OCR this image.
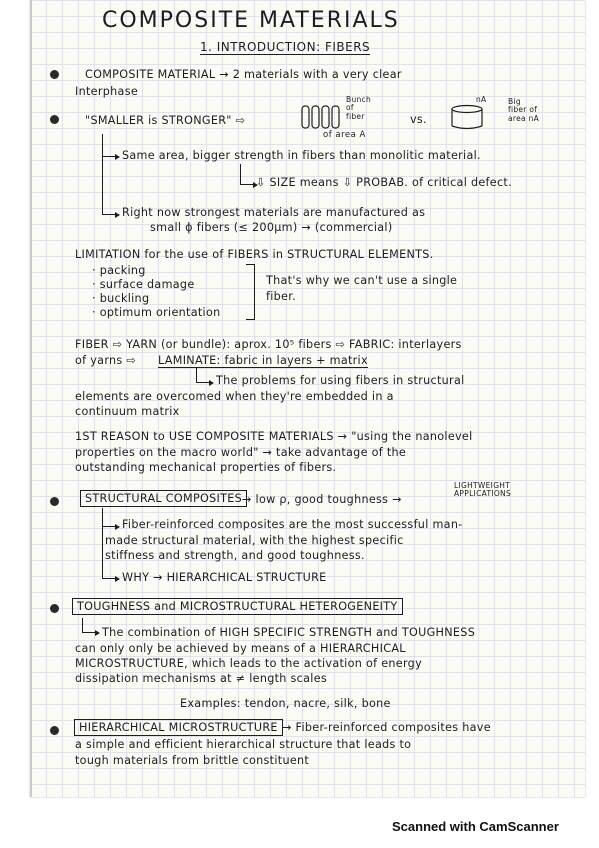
COMPOSITE MATERIALS
1. INTRODUCTION: FIBERS
COMPOSITE MATERIAL → 2 materials with a very clear
Interphase
"SMALLER is STRONGER" ⇨
Bunch
of
fiber
of area A
vs.
nA	Big
fiber of
area nA
Same area, bigger strength in fibers than monolitic material.
⇩ SIZE means ⇩ PROBAB. of critical defect.
Right now strongest materials are manufactured as
small ϕ fibers (≤ 200μm) → (commercial)
LIMITATION for the use of FIBERS in STRUCTURAL ELEMENTS.
· packing
· surface damage
· buckling
· optimum orientation
That's why we can't use a single
fiber.
FIBER ⇨ YARN (or bundle): aprox. 10⁵ fibers ⇨ FABRIC: interlayers
of yarns ⇨ LAMINATE: fabric in layers + matrix
The problems for using fibers in structural
elements are overcomed when they're embedded in a
continuum matrix
1ST REASON to USE COMPOSITE MATERIALS → "using the nanolevel
properties on the macro world" → take advantage of the
outstanding mechanical properties of fibers.
STRUCTURAL COMPOSITES → low ρ, good toughness →
LIGHTWEIGHT
APPLICATIONS
Fiber-reinforced composites are the most successful man-
made structural material, with the highest specific
stiffness and strength, and good toughness.
WHY → HIERARCHICAL STRUCTURE
TOUGHNESS and MICROSTRUCTURAL HETEROGENEITY
The combination of HIGH SPECIFIC STRENGTH and TOUGHNESS
can only only be achieved by means of a HIERARCHICAL
MICROSTRUCTURE, which leads to the activation of energy
dissipation mechanisms at ≠ length scales
Examples: tendon, nacre, silk, bone
HIERARCHICAL MICROSTRUCTURE → Fiber-reinforced composites have
a simple and efficient hierarchical structure that leads to
tough materials from brittle constituent
Scanned with CamScanner
